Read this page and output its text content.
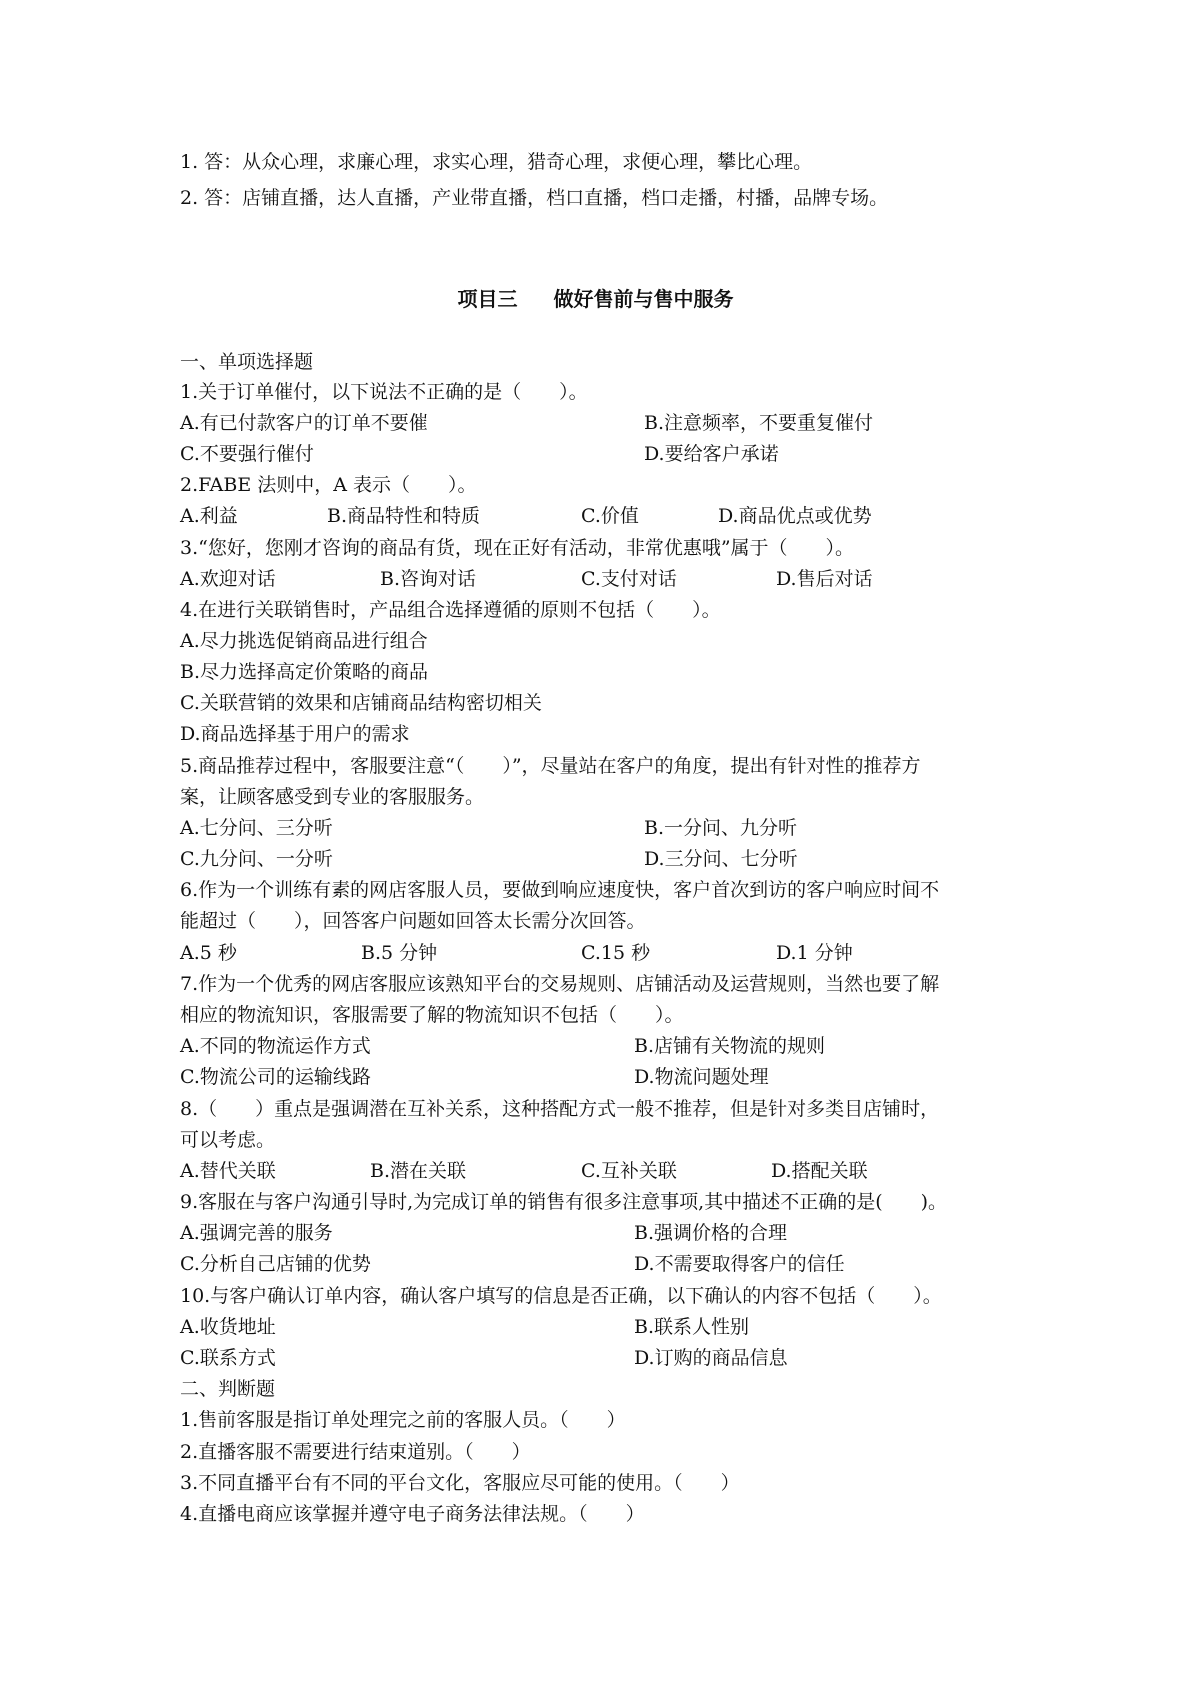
1. 答：从众心理，求廉心理，求实心理，猎奇心理，求便心理，攀比心理。
2. 答：店铺直播，达人直播，产业带直播，档口直播，档口走播，村播，品牌专场。
项目三 做好售前与售中服务
一、单项选择题
1.关于订单催付，以下说法不正确的是（　　）。
A.有已付款客户的订单不要催	B.注意频率，不要重复催付
C.不要强行催付	D.要给客户承诺
2.FABE 法则中，A 表示（　　）。
A.利益	B.商品特性和特质	C.价值	D.商品优点或优势
3.“您好，您刚才咨询的商品有货，现在正好有活动，非常优惠哦”属于（　　）。
A.欢迎对话	B.咨询对话	C.支付对话	D.售后对话
4.在进行关联销售时，产品组合选择遵循的原则不包括（　　）。
A.尽力挑选促销商品进行组合
B.尽力选择高定价策略的商品
C.关联营销的效果和店铺商品结构密切相关
D.商品选择基于用户的需求
5.商品推荐过程中，客服要注意“（　　）”，尽量站在客户的角度，提出有针对性的推荐方
案，让顾客感受到专业的客服服务。
A.七分问、三分听	B.一分问、九分听
C.九分问、一分听	D.三分问、七分听
6.作为一个训练有素的网店客服人员，要做到响应速度快，客户首次到访的客户响应时间不
能超过（　　），回答客户问题如回答太长需分次回答。
A.5 秒	B.5 分钟	C.15 秒	D.1 分钟
7.作为一个优秀的网店客服应该熟知平台的交易规则、店铺活动及运营规则，当然也要了解
相应的物流知识，客服需要了解的物流知识不包括（　　）。
A.不同的物流运作方式	B.店铺有关物流的规则
C.物流公司的运输线路	D.物流问题处理
8.（　　）重点是强调潜在互补关系，这种搭配方式一般不推荐，但是针对多类目店铺时，
可以考虑。
A.替代关联	B.潜在关联	C.互补关联	D.搭配关联
9.客服在与客户沟通引导时,为完成订单的销售有很多注意事项,其中描述不正确的是(　　)。
A.强调完善的服务	B.强调价格的合理
C.分析自己店铺的优势	D.不需要取得客户的信任
10.与客户确认订单内容，确认客户填写的信息是否正确，以下确认的内容不包括（　　）。
A.收货地址	B.联系人性别
C.联系方式	D.订购的商品信息
二、判断题
1.售前客服是指订单处理完之前的客服人员。（　　）
2.直播客服不需要进行结束道别。（　　）
3.不同直播平台有不同的平台文化，客服应尽可能的使用。（　　）
4.直播电商应该掌握并遵守电子商务法律法规。（　　）
